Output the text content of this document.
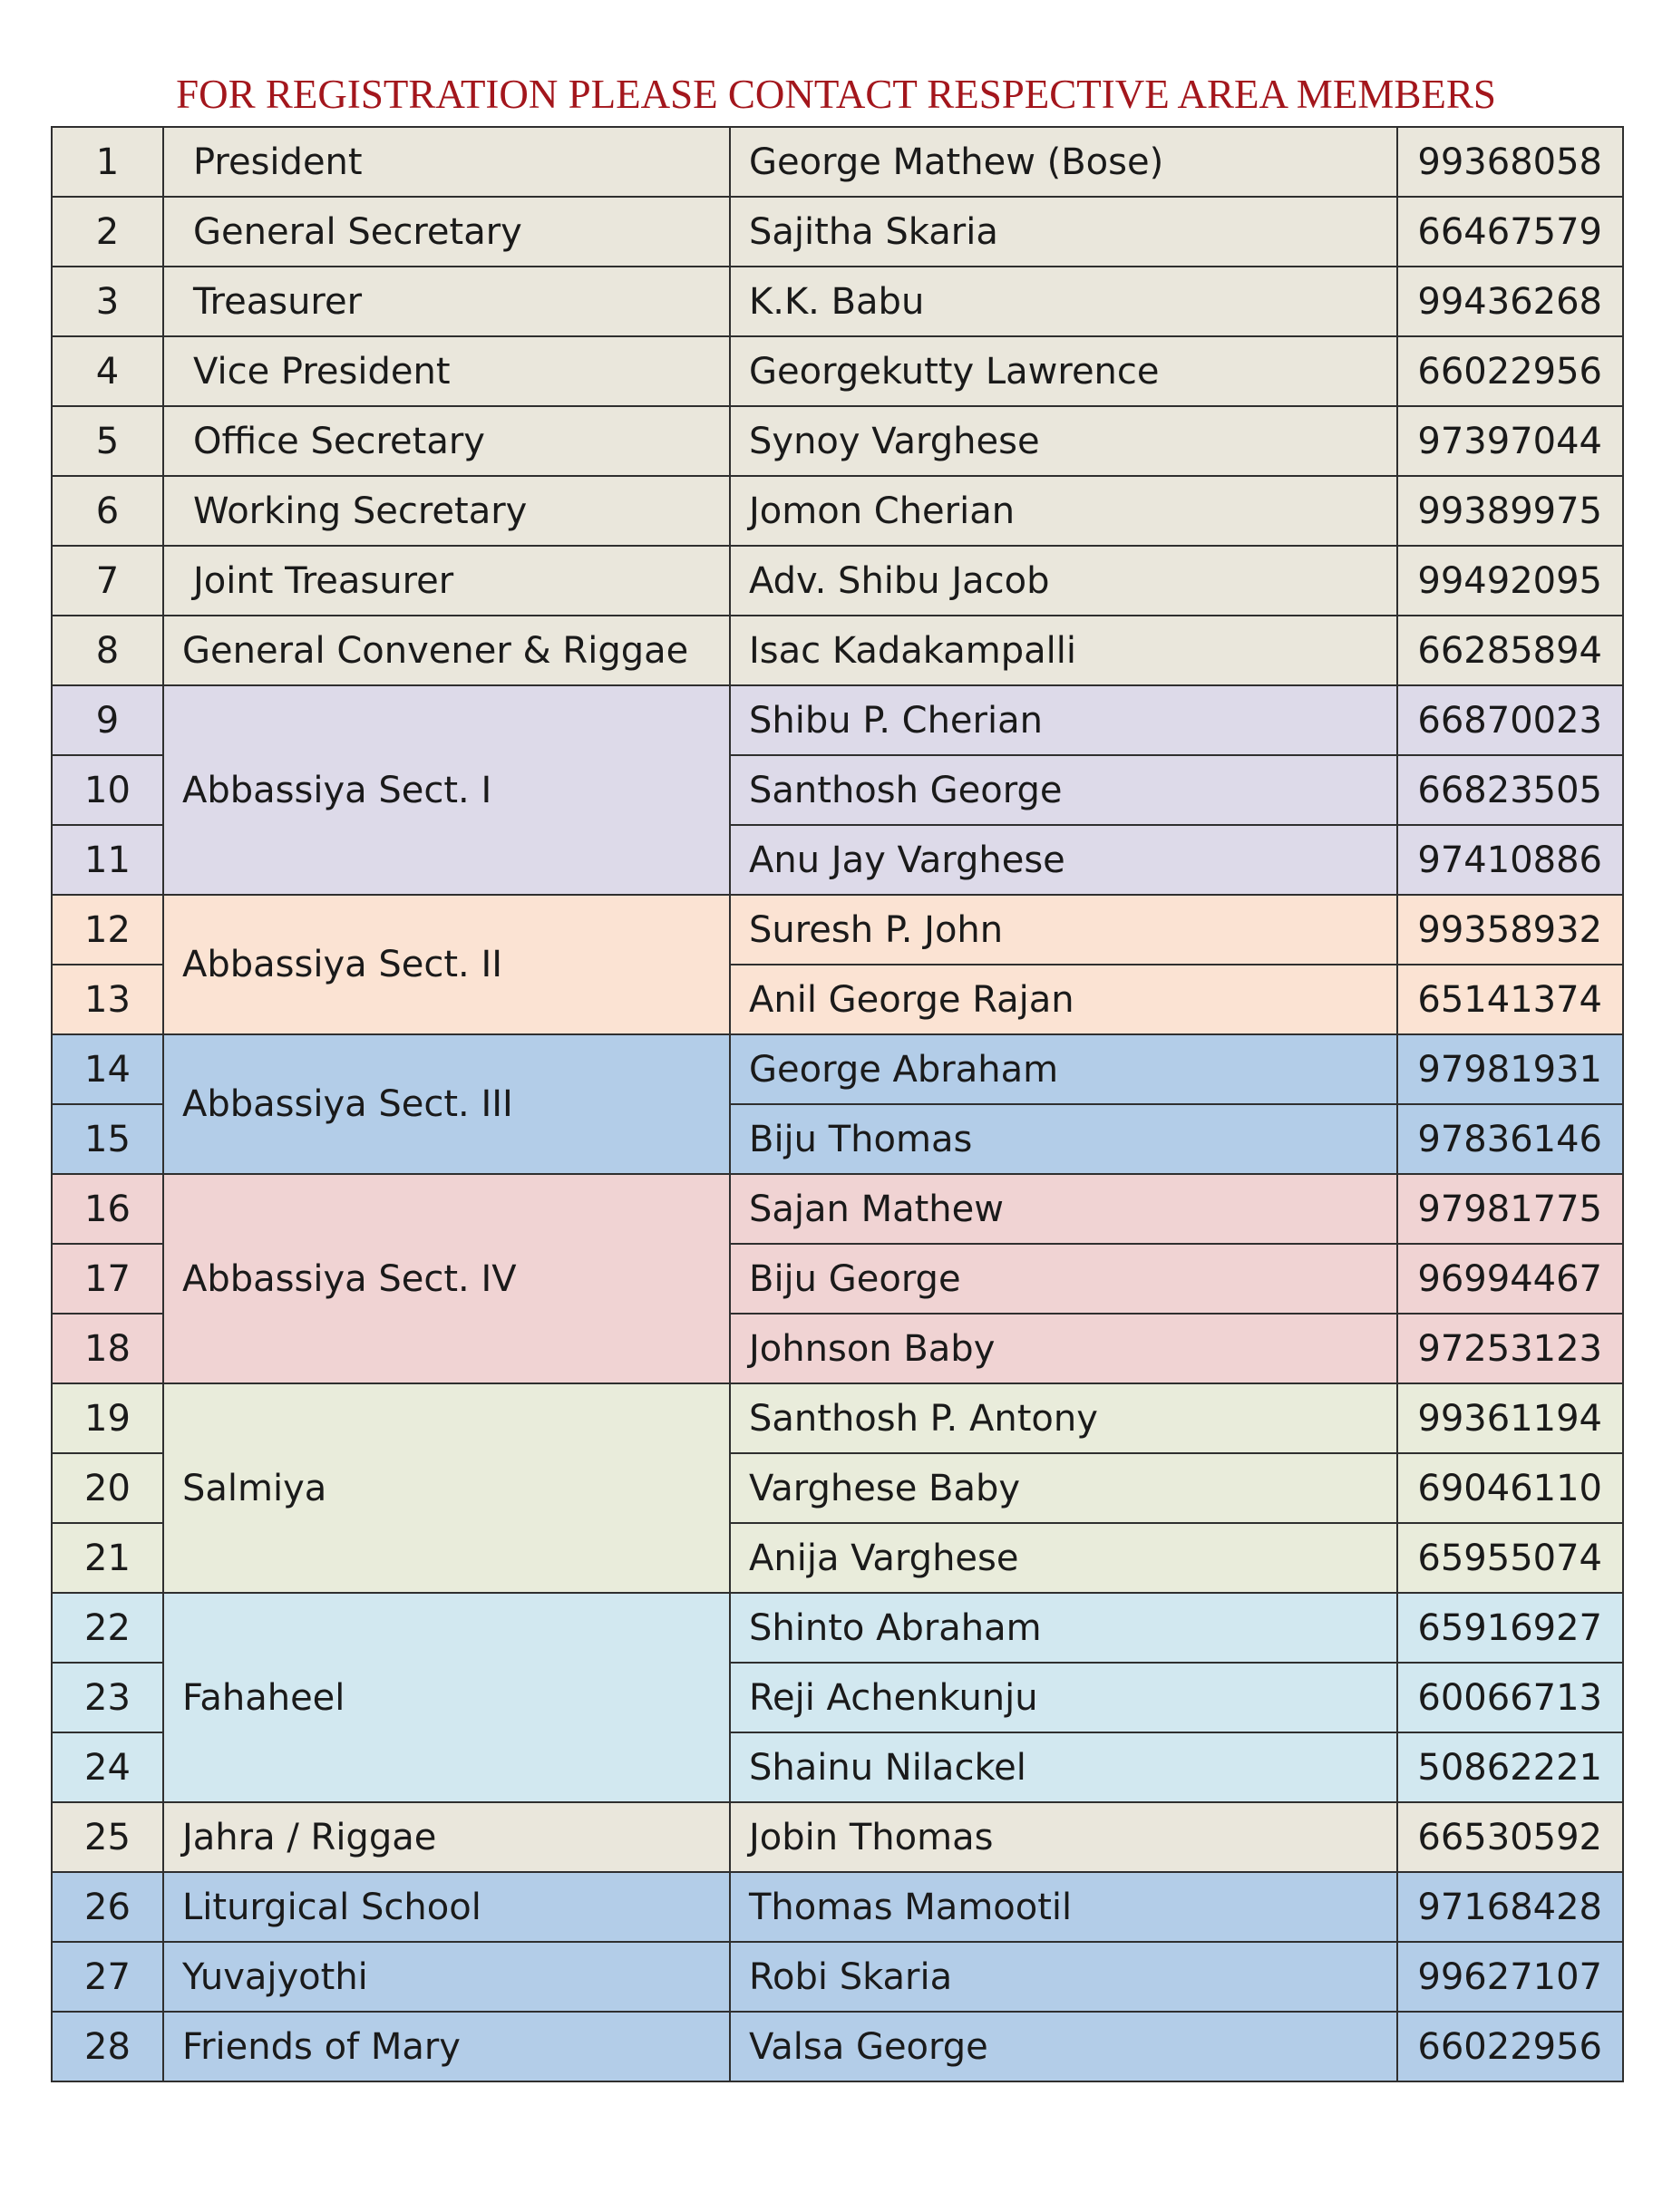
FOR REGISTRATION PLEASE CONTACT RESPECTIVE AREA MEMBERS
1	President	George Mathew (Bose)	99368058
2	General Secretary	Sajitha Skaria	66467579
3	Treasurer	K.K. Babu	99436268
4	Vice President	Georgekutty Lawrence	66022956
5	Office Secretary	Synoy Varghese	97397044
6	Working Secretary	Jomon Cherian	99389975
7	Joint Treasurer	Adv. Shibu Jacob	99492095
8	General Convener & Riggae	Isac Kadakampalli	66285894
9	Abbassiya Sect. I	Shibu P. Cherian	66870023
10		Santhosh George	66823505
11		Anu Jay Varghese	97410886
12	Abbassiya Sect. II	Suresh P. John	99358932
13		Anil George Rajan	65141374
14	Abbassiya Sect. III	George Abraham	97981931
15		Biju Thomas	97836146
16	Abbassiya Sect. IV	Sajan Mathew	97981775
17		Biju George	96994467
18		Johnson Baby	97253123
19	Salmiya	Santhosh P. Antony	99361194
20		Varghese Baby	69046110
21		Anija Varghese	65955074
22	Fahaheel	Shinto Abraham	65916927
23		Reji Achenkunju	60066713
24		Shainu Nilackel	50862221
25	Jahra / Riggae	Jobin Thomas	66530592
26	Liturgical School	Thomas Mamootil	97168428
27	Yuvajyothi	Robi Skaria	99627107
28	Friends of Mary	Valsa George	66022956
